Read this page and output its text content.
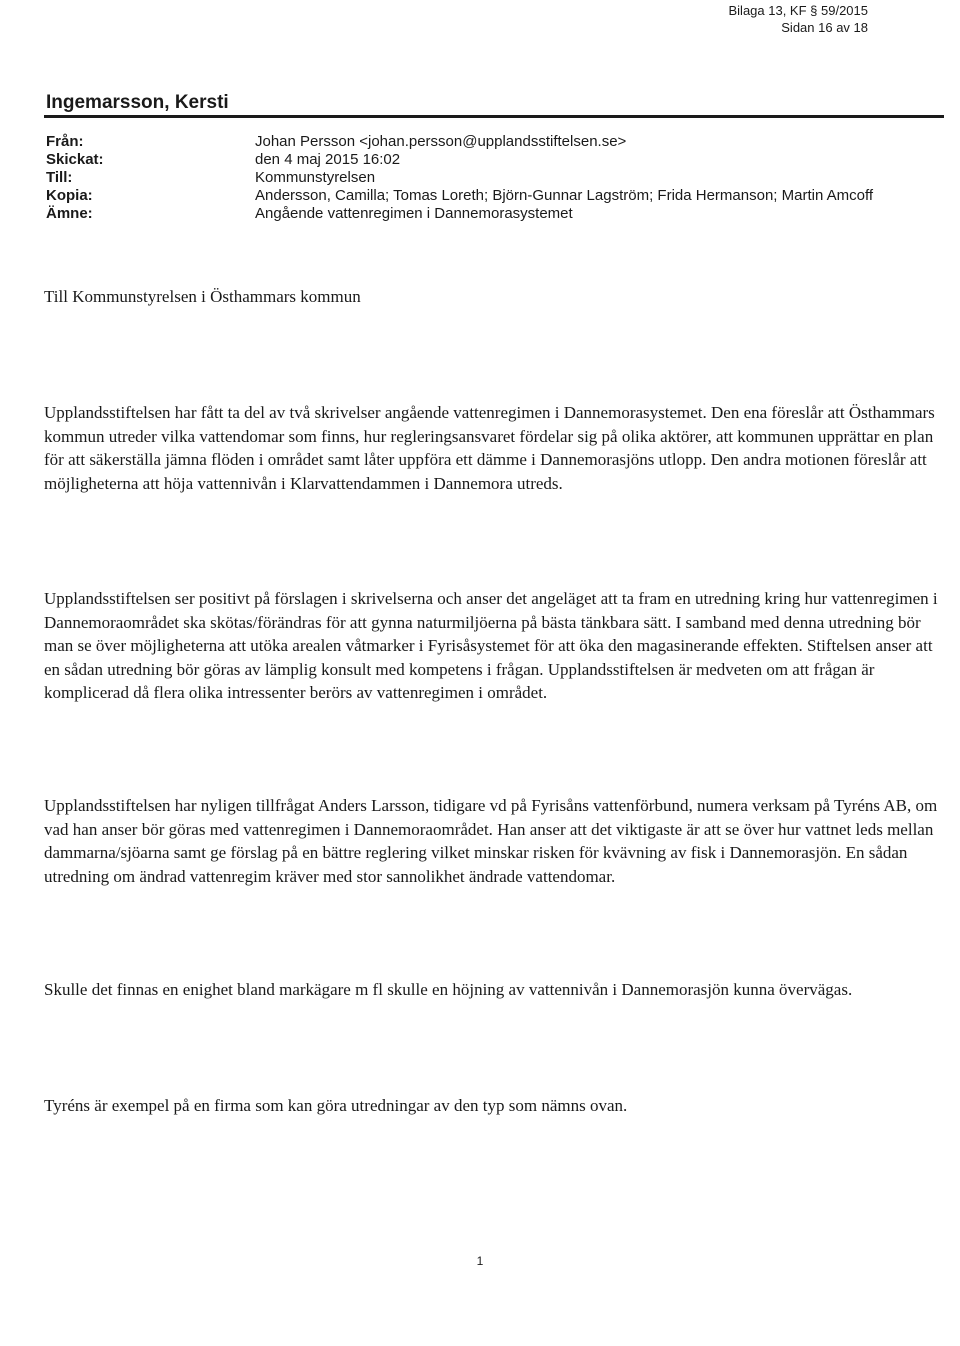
Bilaga 13, KF § 59/2015
Sidan 16 av 18
Ingemarsson, Kersti
Från:	Johan Persson <johan.persson@upplandsstiftelsen.se>
Skickat:	den 4 maj 2015 16:02
Till:	Kommunstyrelsen
Kopia:	Andersson, Camilla; Tomas Loreth; Björn-Gunnar Lagström; Frida Hermanson; Martin Amcoff
Ämne:	Angående vattenregimen i Dannemorasystemet

Till Kommunstyrelsen i Östhammars kommun

Upplandsstiftelsen har fått ta del av två skrivelser angående vattenregimen i Dannemorasystemet. Den ena föreslår att Östhammars kommun utreder vilka vattendomar som finns, hur regleringsansvaret fördelar sig på olika aktörer, att kommunen upprättar en plan för att säkerställa jämna flöden i området samt låter uppföra ett dämme i Dannemorasjöns utlopp. Den andra motionen föreslår att möjligheterna att höja vattennivån i Klarvattendammen i Dannemora utreds.

Upplandsstiftelsen ser positivt på förslagen i skrivelserna och anser det angeläget att ta fram en utredning kring hur vattenregimen i Dannemoraområdet ska skötas/förändras för att gynna naturmiljöerna på bästa tänkbara sätt. I samband med denna utredning bör man se över möjligheterna att utöka arealen våtmarker i Fyrisåsystemet för att öka den magasinerande effekten. Stiftelsen anser att en sådan utredning bör göras av lämplig konsult med kompetens i frågan. Upplandsstiftelsen är medveten om att frågan är komplicerad då flera olika intressenter berörs av vattenregimen i området.

Upplandsstiftelsen har nyligen tillfrågat Anders Larsson, tidigare vd på Fyrisåns vattenförbund, numera verksam på Tyréns AB, om vad han anser bör göras med vattenregimen i Dannemoraområdet. Han anser att det viktigaste är att se över hur vattnet leds mellan dammarna/sjöarna samt ge förslag på en bättre reglering vilket minskar risken för kvävning av fisk i Dannemorasjön. En sådan utredning om ändrad vattenregim kräver med stor sannolikhet ändrade vattendomar.

Skulle det finnas en enighet bland markägare m fl skulle en höjning av vattennivån i Dannemorasjön kunna övervägas.

Tyréns är exempel på en firma som kan göra utredningar av den typ som nämns ovan.

1
